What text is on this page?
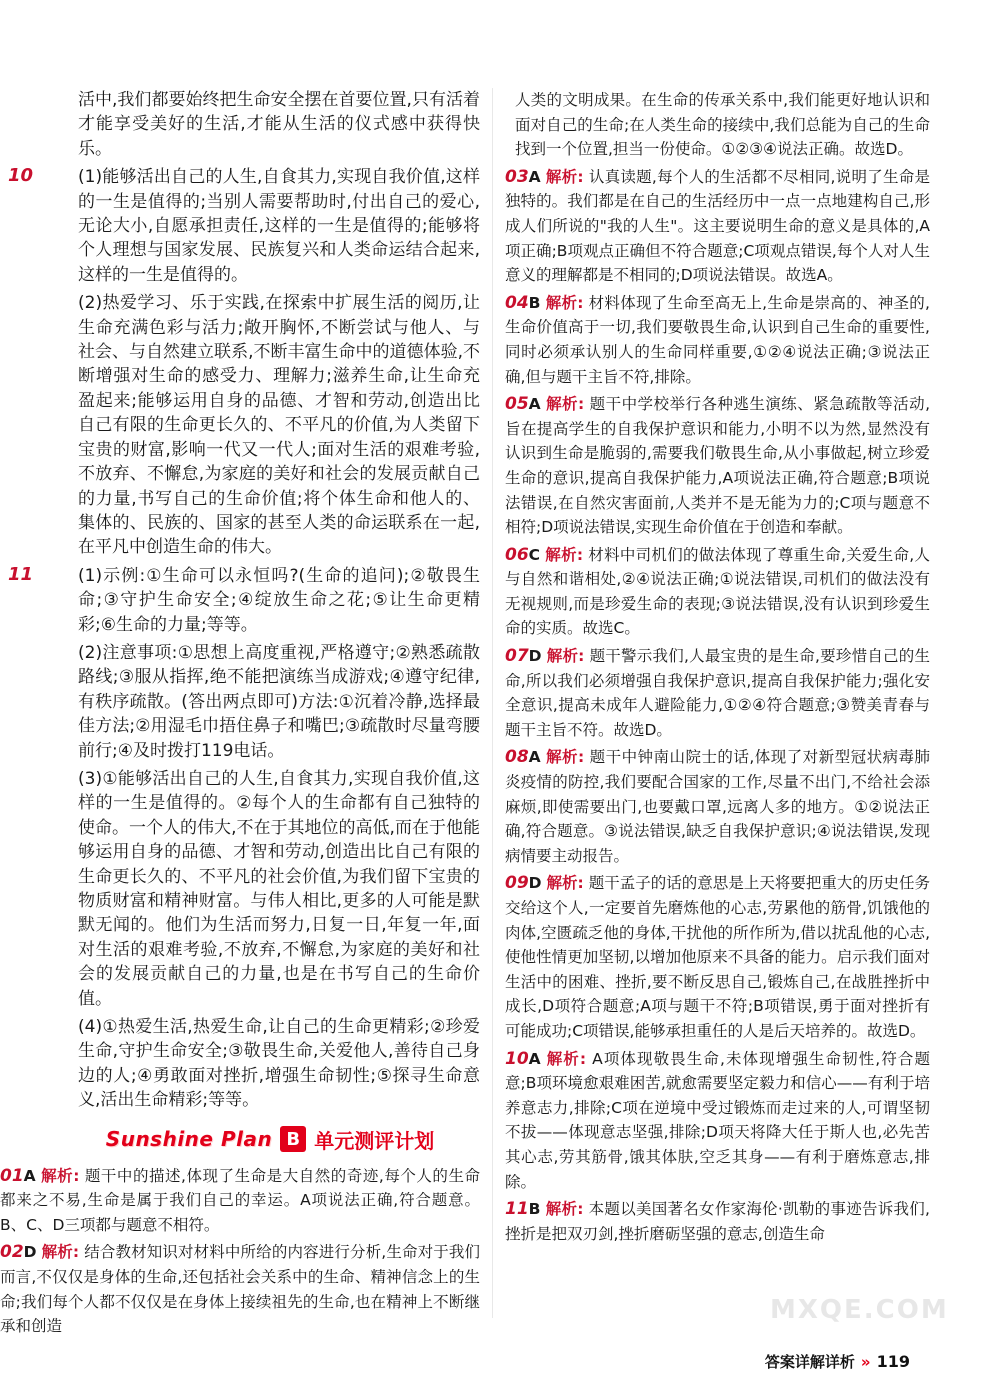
活中,我们都要始终把生命安全摆在首要位置,只有活着才能享受美好的生活,才能从生活的仪式感中获得快乐。

10	(1)能够活出自己的人生,自食其力,实现自我价值,这样的一生是值得的;当别人需要帮助时,付出自己的爱心,无论大小,自愿承担责任,这样的一生是值得的;能够将个人理想与国家发展、民族复兴和人类命运结合起来,这样的一生是值得的。

(2)热爱学习、乐于实践,在探索中扩展生活的阅历,让生命充满色彩与活力;敞开胸怀,不断尝试与他人、与社会、与自然建立联系,不断丰富生命中的道德体验,不断增强对生命的感受力、理解力;滋养生命,让生命充盈起来;能够运用自身的品德、才智和劳动,创造出比自己有限的生命更长久的、不平凡的价值,为人类留下宝贵的财富,影响一代又一代人;面对生活的艰难考验,不放弃、不懈怠,为家庭的美好和社会的发展贡献自己的力量,书写自己的生命价值;将个体生命和他人的、集体的、民族的、国家的甚至人类的命运联系在一起,在平凡中创造生命的伟大。

11	(1)示例:①生命可以永恒吗?(生命的追问);②敬畏生命;③守护生命安全;④绽放生命之花;⑤让生命更精彩;⑥生命的力量;等等。

(2)注意事项:①思想上高度重视,严格遵守;②熟悉疏散路线;③服从指挥,绝不能把演练当成游戏;④遵守纪律,有秩序疏散。(答出两点即可)方法:①沉着冷静,选择最佳方法;②用湿毛巾捂住鼻子和嘴巴;③疏散时尽量弯腰前行;④及时拨打119电话。

(3)①能够活出自己的人生,自食其力,实现自我价值,这样的一生是值得的。②每个人的生命都有自己独特的使命。一个人的伟大,不在于其地位的高低,而在于他能够运用自身的品德、才智和劳动,创造出比自己有限的生命更长久的、不平凡的社会价值,为我们留下宝贵的物质财富和精神财富。与伟人相比,更多的人可能是默默无闻的。他们为生活而努力,日复一日,年复一年,面对生活的艰难考验,不放弃,不懈怠,为家庭的美好和社会的发展贡献自己的力量,也是在书写自己的生命价值。

(4)①热爱生活,热爱生命,让自己的生命更精彩;②珍爱生命,守护生命安全;③敬畏生命,关爱他人,善待自己身边的人;④勇敢面对挫折,增强生命韧性;⑤探寻生命意义,活出生命精彩;等等。

Sunshine Plan B 单元测评计划

01A 解析: 题干中的描述,体现了生命是大自然的奇迹,每个人的生命都来之不易,生命是属于我们自己的幸运。A项说法正确,符合题意。B、C、D三项都与题意不相符。

02D 解析: 结合教材知识对材料中所给的内容进行分析,生命对于我们而言,不仅仅是身体的生命,还包括社会关系中的生命、精神信念上的生命;我们每个人都不仅仅是在身体上接续祖先的生命,也在精神上不断继承和创造

人类的文明成果。在生命的传承关系中,我们能更好地认识和面对自己的生命;在人类生命的接续中,我们总能为自己的生命找到一个位置,担当一份使命。①②③④说法正确。故选D。

03A 解析: 认真读题,每个人的生活都不尽相同,说明了生命是独特的。我们都是在自己的生活经历中一点一点地建构自己,形成人们所说的"我的人生"。这主要说明生命的意义是具体的,A项正确;B项观点正确但不符合题意;C项观点错误,每个人对人生意义的理解都是不相同的;D项说法错误。故选A。

04B 解析: 材料体现了生命至高无上,生命是崇高的、神圣的,生命价值高于一切,我们要敬畏生命,认识到自己生命的重要性,同时必须承认别人的生命同样重要,①②④说法正确;③说法正确,但与题干主旨不符,排除。

05A 解析: 题干中学校举行各种逃生演练、紧急疏散等活动,旨在提高学生的自我保护意识和能力,小明不以为然,显然没有认识到生命是脆弱的,需要我们敬畏生命,从小事做起,树立珍爱生命的意识,提高自我保护能力,A项说法正确,符合题意;B项说法错误,在自然灾害面前,人类并不是无能为力的;C项与题意不相符;D项说法错误,实现生命价值在于创造和奉献。

06C 解析: 材料中司机们的做法体现了尊重生命,关爱生命,人与自然和谐相处,②④说法正确;①说法错误,司机们的做法没有无视规则,而是珍爱生命的表现;③说法错误,没有认识到珍爱生命的实质。故选C。

07D 解析: 题干警示我们,人最宝贵的是生命,要珍惜自己的生命,所以我们必须增强自我保护意识,提高自我保护能力;强化安全意识,提高未成年人避险能力,①②④符合题意;③赞美青春与题干主旨不符。故选D。

08A 解析: 题干中钟南山院士的话,体现了对新型冠状病毒肺炎疫情的防控,我们要配合国家的工作,尽量不出门,不给社会添麻烦,即使需要出门,也要戴口罩,远离人多的地方。①②说法正确,符合题意。③说法错误,缺乏自我保护意识;④说法错误,发现病情要主动报告。

09D 解析: 题干孟子的话的意思是上天将要把重大的历史任务交给这个人,一定要首先磨炼他的心志,劳累他的筋骨,饥饿他的肉体,空匮疏乏他的身体,干扰他的所作所为,借以扰乱他的心志,使他性情更加坚韧,以增加他原来不具备的能力。启示我们面对生活中的困难、挫折,要不断反思自己,锻炼自己,在战胜挫折中成长,D项符合题意;A项与题干不符;B项错误,勇于面对挫折有可能成功;C项错误,能够承担重任的人是后天培养的。故选D。

10A 解析: A项体现敬畏生命,未体现增强生命韧性,符合题意;B项环境愈艰难困苦,就愈需要坚定毅力和信心——有利于培养意志力,排除;C项在逆境中受过锻炼而走过来的人,可谓坚韧不拔——体现意志坚强,排除;D项天将降大任于斯人也,必先苦其心志,劳其筋骨,饿其体肤,空乏其身——有利于磨炼意志,排除。

11B 解析: 本题以美国著名女作家海伦·凯勒的事迹告诉我们,挫折是把双刃剑,挫折磨砺坚强的意志,创造生命

答案详解详析 » 119
MXQE.COM
